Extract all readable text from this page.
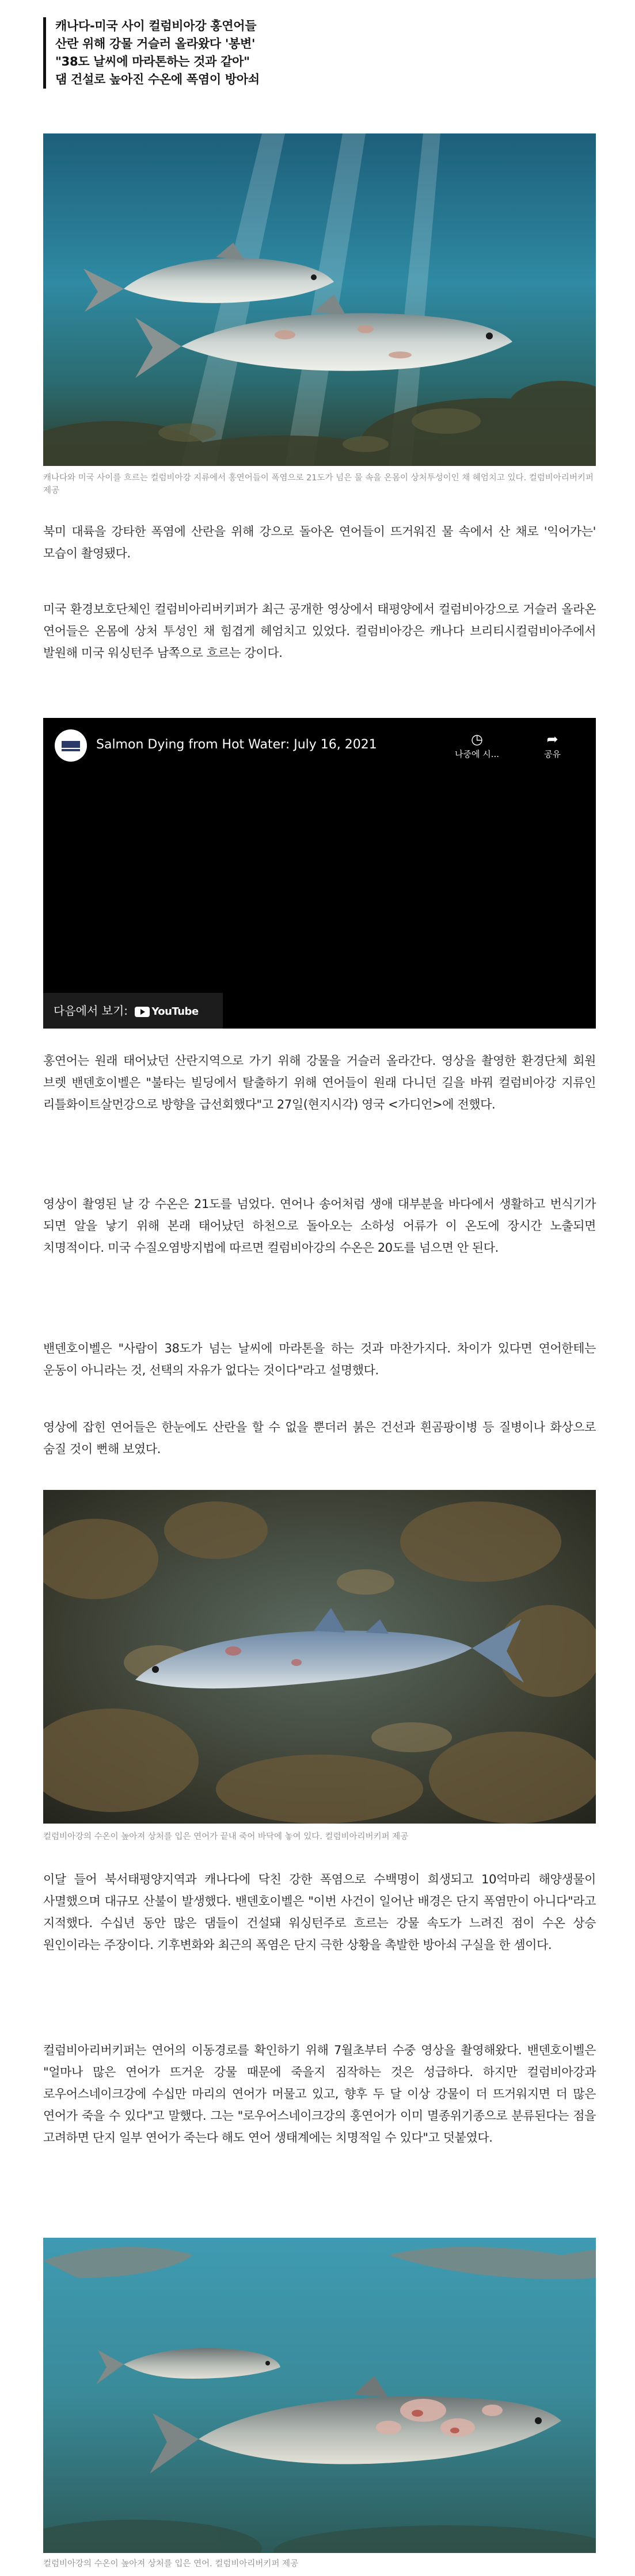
캐나다-미국 사이 컬럼비아강 홍연어들

산란 위해 강물 거슬러 올라왔다 '봉변'

"38도 날씨에 마라톤하는 것과 같아"

댐 건설로 높아진 수온에 폭염이 방아쇠

캐나다와 미국 사이를 흐르는 컬럼비아강 지류에서 홍연어들이 폭염으로 21도가 넘은 물 속을 온몸이 상처투성이인 채 헤엄치고 있다. 컬럼비아리버키퍼 제공

북미 대륙을 강타한 폭염에 산란을 위해 강으로 돌아온 연어들이 뜨거워진 물 속에서 산 채로 '익어가는' 모습이 촬영됐다.

미국 환경보호단체인 컬럼비아리버키퍼가 최근 공개한 영상에서 태평양에서 컬럼비아강으로 거슬러 올라온 연어들은 온몸에 상처 투성인 채 힘겹게 헤엄치고 있었다. 컬럼비아강은 캐나다 브리티시컬럼비아주에서 발원해 미국 워싱턴주 남쪽으로 흐르는 강이다.

Salmon Dying from Hot Water: July 16, 2021	◷
나중에 시...
➦
공유
다음에서 보기: YouTube

홍연어는 원래 태어났던 산란지역으로 가기 위해 강물을 거슬러 올라간다. 영상을 촬영한 환경단체 회원 브렛 밴덴호이벨은 "불타는 빌딩에서 탈출하기 위해 연어들이 원래 다니던 길을 바꿔 컬럼비아강 지류인 리틀화이트살먼강으로 방향을 급선회했다"고 27일(현지시각) 영국 <가디언>에 전했다.

영상이 촬영된 날 강 수온은 21도를 넘었다. 연어나 송어처럼 생애 대부분을 바다에서 생활하고 번식기가 되면 알을 낳기 위해 본래 태어났던 하천으로 돌아오는 소하성 어류가 이 온도에 장시간 노출되면 치명적이다. 미국 수질오염방지법에 따르면 컬럼비아강의 수온은 20도를 넘으면 안 된다.

밴덴호이벨은 "사람이 38도가 넘는 날씨에 마라톤을 하는 것과 마찬가지다. 차이가 있다면 연어한테는 운동이 아니라는 것, 선택의 자유가 없다는 것이다"라고 설명했다.

영상에 잡힌 연어들은 한눈에도 산란을 할 수 없을 뿐더러 붉은 건선과 흰곰팡이병 등 질병이나 화상으로 숨질 것이 뻔해 보였다.

컬럼비아강의 수온이 높아져 상처를 입은 연어가 끝내 죽어 바닥에 놓여 있다. 컬럼비아리버키퍼 제공

이달 들어 북서태평양지역과 캐나다에 닥친 강한 폭염으로 수백명이 희생되고 10억마리 해양생물이 사멸했으며 대규모 산불이 발생했다. 밴덴호이벨은 "이번 사건이 일어난 배경은 단지 폭염만이 아니다"라고 지적했다. 수십년 동안 많은 댐들이 건설돼 워싱턴주로 흐르는 강물 속도가 느려진 점이 수온 상승 원인이라는 주장이다. 기후변화와 최근의 폭염은 단지 극한 상황을 촉발한 방아쇠 구실을 한 셈이다.

컬럼비아리버키퍼는 연어의 이동경로를 확인하기 위해 7월초부터 수중 영상을 촬영해왔다. 밴덴호이벨은 "얼마나 많은 연어가 뜨거운 강물 때문에 죽을지 짐작하는 것은 성급하다. 하지만 컬럼비아강과 로우어스네이크강에 수십만 마리의 연어가 머물고 있고, 향후 두 달 이상 강물이 더 뜨거워지면 더 많은 연어가 죽을 수 있다"고 말했다. 그는 "로우어스네이크강의 홍연어가 이미 멸종위기종으로 분류된다는 점을 고려하면 단지 일부 연어가 죽는다 해도 연어 생태계에는 치명적일 수 있다"고 덧붙였다.

컬럼비아강의 수온이 높아져 상처를 입은 연어. 컬럼비아리버키퍼 제공
